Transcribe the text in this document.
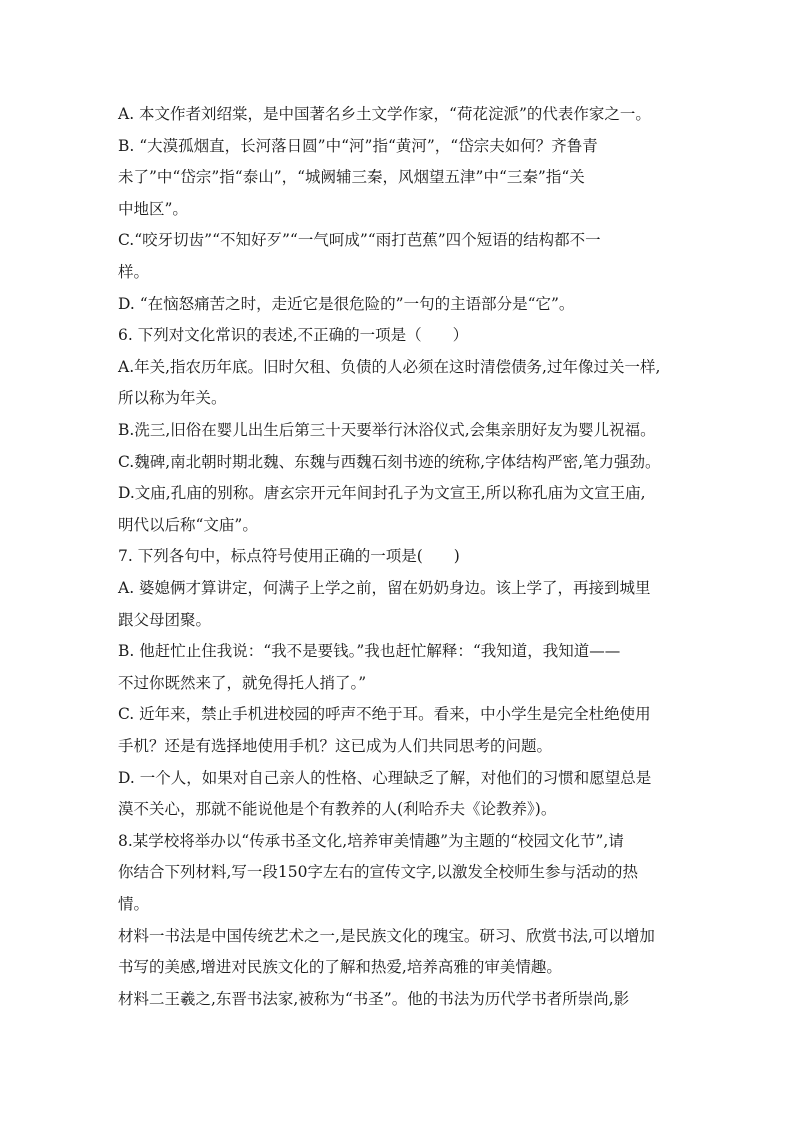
A. 本文作者刘绍棠，是中国著名乡土文学作家，“荷花淀派”的代表作家之一。
B. “大漠孤烟直，长河落日圆”中“河”指“黄河”，“岱宗夫如何？齐鲁青
未了”中“岱宗”指“泰山”，“城阙辅三秦，风烟望五津”中“三秦”指“关
中地区”。
C.“咬牙切齿”“不知好歹”“一气呵成”“雨打芭蕉”四个短语的结构都不一
样。
D. “在恼怒痛苦之时，走近它是很危险的”一句的主语部分是“它”。
6. 下列对文化常识的表述,不正确的一项是（　　）
A.年关,指农历年底。旧时欠租、负债的人必须在这时清偿债务,过年像过关一样,
所以称为年关。
B.洗三,旧俗在婴儿出生后第三十天要举行沐浴仪式,会集亲朋好友为婴儿祝福。
C.魏碑,南北朝时期北魏、东魏与西魏石刻书迹的统称,字体结构严密,笔力强劲。
D.文庙,孔庙的别称。唐玄宗开元年间封孔子为文宣王,所以称孔庙为文宣王庙,
明代以后称“文庙”。
7. 下列各句中，标点符号使用正确的一项是(　　)
A. 婆媳俩才算讲定，何满子上学之前，留在奶奶身边。该上学了，再接到城里
跟父母团聚。
B. 他赶忙止住我说：“我不是要钱。”我也赶忙解释：“我知道，我知道——
不过你既然来了，就免得托人捎了。”
C. 近年来，禁止手机进校园的呼声不绝于耳。看来，中小学生是完全杜绝使用
手机？还是有选择地使用手机？这已成为人们共同思考的问题。
D. 一个人，如果对自己亲人的性格、心理缺乏了解，对他们的习惯和愿望总是
漠不关心，那就不能说他是个有教养的人(利哈乔夫《论教养》)。
8.某学校将举办以“传承书圣文化,培养审美情趣”为主题的“校园文化节”,请
你结合下列材料,写一段150字左右的宣传文字,以激发全校师生参与活动的热
情。
材料一书法是中国传统艺术之一,是民族文化的瑰宝。研习、欣赏书法,可以增加
书写的美感,增进对民族文化的了解和热爱,培养高雅的审美情趣。
材料二王羲之,东晋书法家,被称为“书圣”。他的书法为历代学书者所崇尚,影
